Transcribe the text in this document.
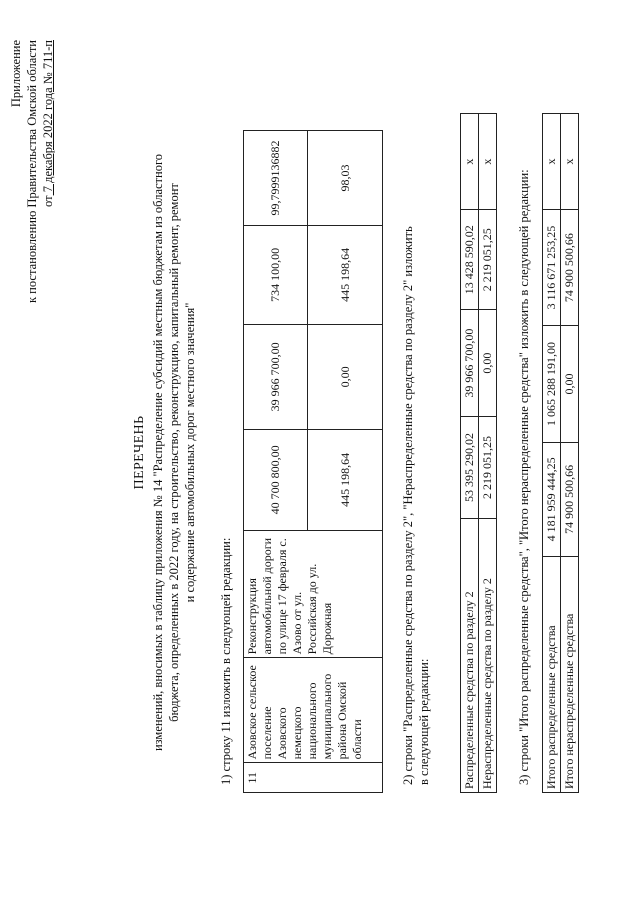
Приложение к постановлению Правительства Омской области от 7 декабря 2022 года № 711-п
ПЕРЕЧЕНЬ изменений, вносимых в таблицу приложения № 14 "Распределение субсидий местным бюджетам из областного бюджета, определенных в 2022 году, на строительство, реконструкцию, капитальный ремонт, ремонт и содержание автомобильных дорог местного значения"
1) строку 11 изложить в следующей редакции: 11	Азовское сельское поселение Азовского немецкого национального муниципального района Омской области	Реконструкция автомобильной дороги по улице 17 февраля с. Азово от ул. Российская до ул. Дорожная	40 700 800,00	39 966 700,00	734 100,00	99,7999136882
			445 198,64	0,00	445 198,64	98,03
2) строки "Распределенные средства по разделу 2", "Нераспределенные средства по разделу 2" изложить в следующей редакции:	Распределенные средства по разделу 2	53 395 290,02	39 966 700,00	13 428 590,02	x
Нераспределенные средства по разделу 2	2 219 051,25	0,00	2 219 051,25	x
3) строки "Итого распределенные средства", "Итого нераспределенные средства" изложить в следующей редакции: Итого распределенные средства	4 181 959 444,25	1 065 288 191,00	3 116 671 253,25	x
Итого нераспределенные средства	74 900 500,66	0,00	74 900 500,66	x
